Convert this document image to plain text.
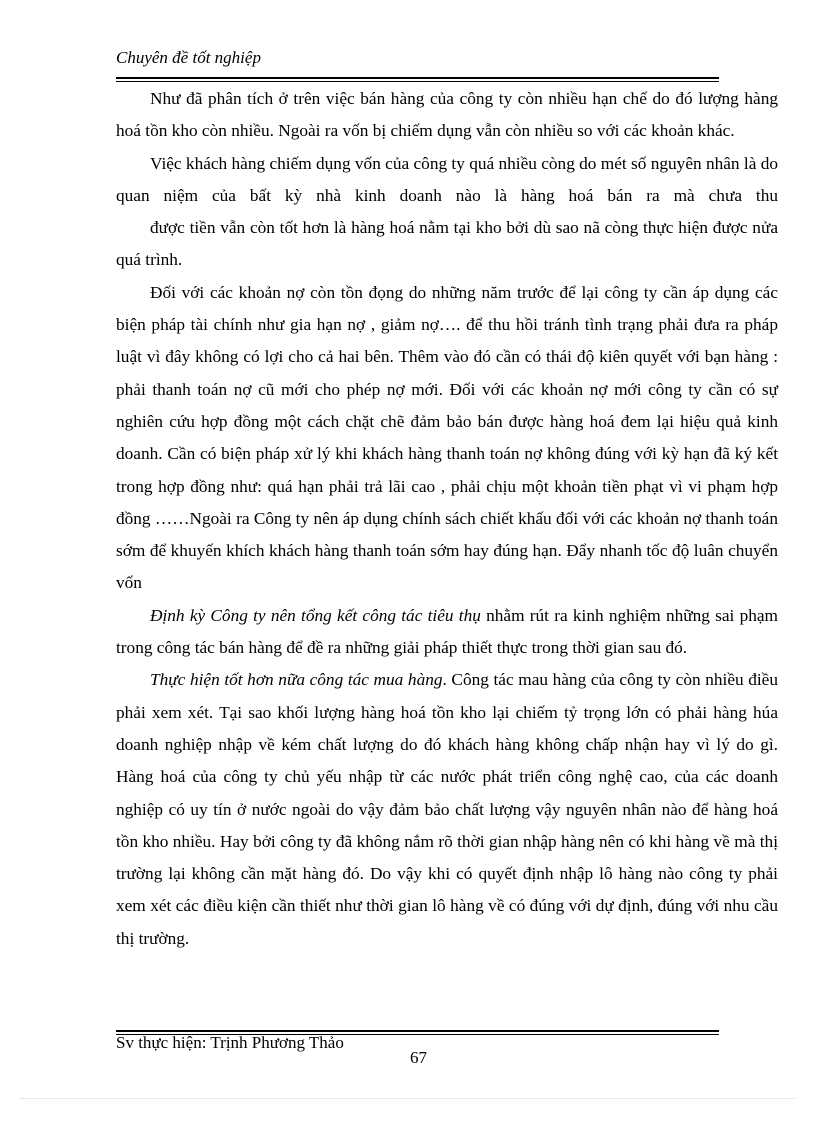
Chuyên đề tốt nghiệp

Như đã phân tích ở trên việc bán hàng của công ty còn nhiều hạn chế do đó lượng hàng hoá tồn kho còn nhiều. Ngoài ra vốn bị chiếm dụng vẫn còn nhiều so với các khoản khác.

Việc khách hàng chiếm dụng vốn của công ty quá nhiều còng do mét số nguyên nhân là do quan niệm của bất kỳ nhà kinh doanh nào là hàng hoá bán ra mà chưa thu

được tiền vẫn còn tốt hơn là hàng hoá nằm tại kho bởi dù sao nã còng thực hiện được nửa quá trình.

Đối với các khoản nợ còn tồn đọng do những năm trước để lại công ty cần áp dụng các biện pháp tài chính như gia hạn nợ , giảm nợ…. để thu hồi tránh tình trạng phải đưa ra pháp luật vì đây không có lợi cho cả hai bên. Thêm vào đó cần có thái độ kiên quyết với bạn hàng : phải thanh toán nợ cũ mới cho phép nợ mới. Đối với các khoản nợ mới công ty cần có sự nghiên cứu hợp đồng một cách chặt chẽ đảm bảo bán được hàng hoá đem lại hiệu quả kinh doanh. Cần có biện pháp xử lý khi khách hàng thanh toán nợ không đúng với kỳ hạn đã ký kết trong hợp đồng như: quá hạn phải trả lãi cao , phải chịu một khoản tiền phạt vì vi phạm hợp đồng ……Ngoài ra Công ty nên áp dụng chính sách chiết khấu đối với các khoản nợ thanh toán sớm để khuyến khích khách hàng thanh toán sớm hay đúng hạn. Đẩy nhanh tốc độ luân chuyển vốn

Định kỳ Công ty nên tổng kết công tác tiêu thụ nhằm rút ra kinh nghiệm những sai phạm trong công tác bán hàng để đề ra những giải pháp thiết thực trong thời gian sau đó.

Thực hiện tốt hơn nữa công tác mua hàng. Công tác mau hàng của công ty còn nhiều điều phải xem xét. Tại sao khối lượng hàng hoá tồn kho lại chiếm tỷ trọng lớn có phải hàng húa doanh nghiệp nhập về kém chất lượng do đó khách hàng không chấp nhận hay vì lý do gì. Hàng hoá của công ty chủ yếu nhập từ các nước phát triển công nghệ cao, của các doanh nghiệp có uy tín ở nước ngoài do vậy đảm bảo chất lượng vậy nguyên nhân nào để hàng hoá tồn kho nhiều. Hay bởi công ty đã không nắm rõ thời gian nhập hàng nên có khi hàng về mà thị trường lại không cần mặt hàng đó. Do vậy khi có quyết định nhập lô hàng nào công ty phải xem xét các điều kiện cần thiết như thời gian lô hàng về có đúng với dự định, đúng với nhu cầu thị trường.

Sv thực hiện: Trịnh Phương Thảo
67
